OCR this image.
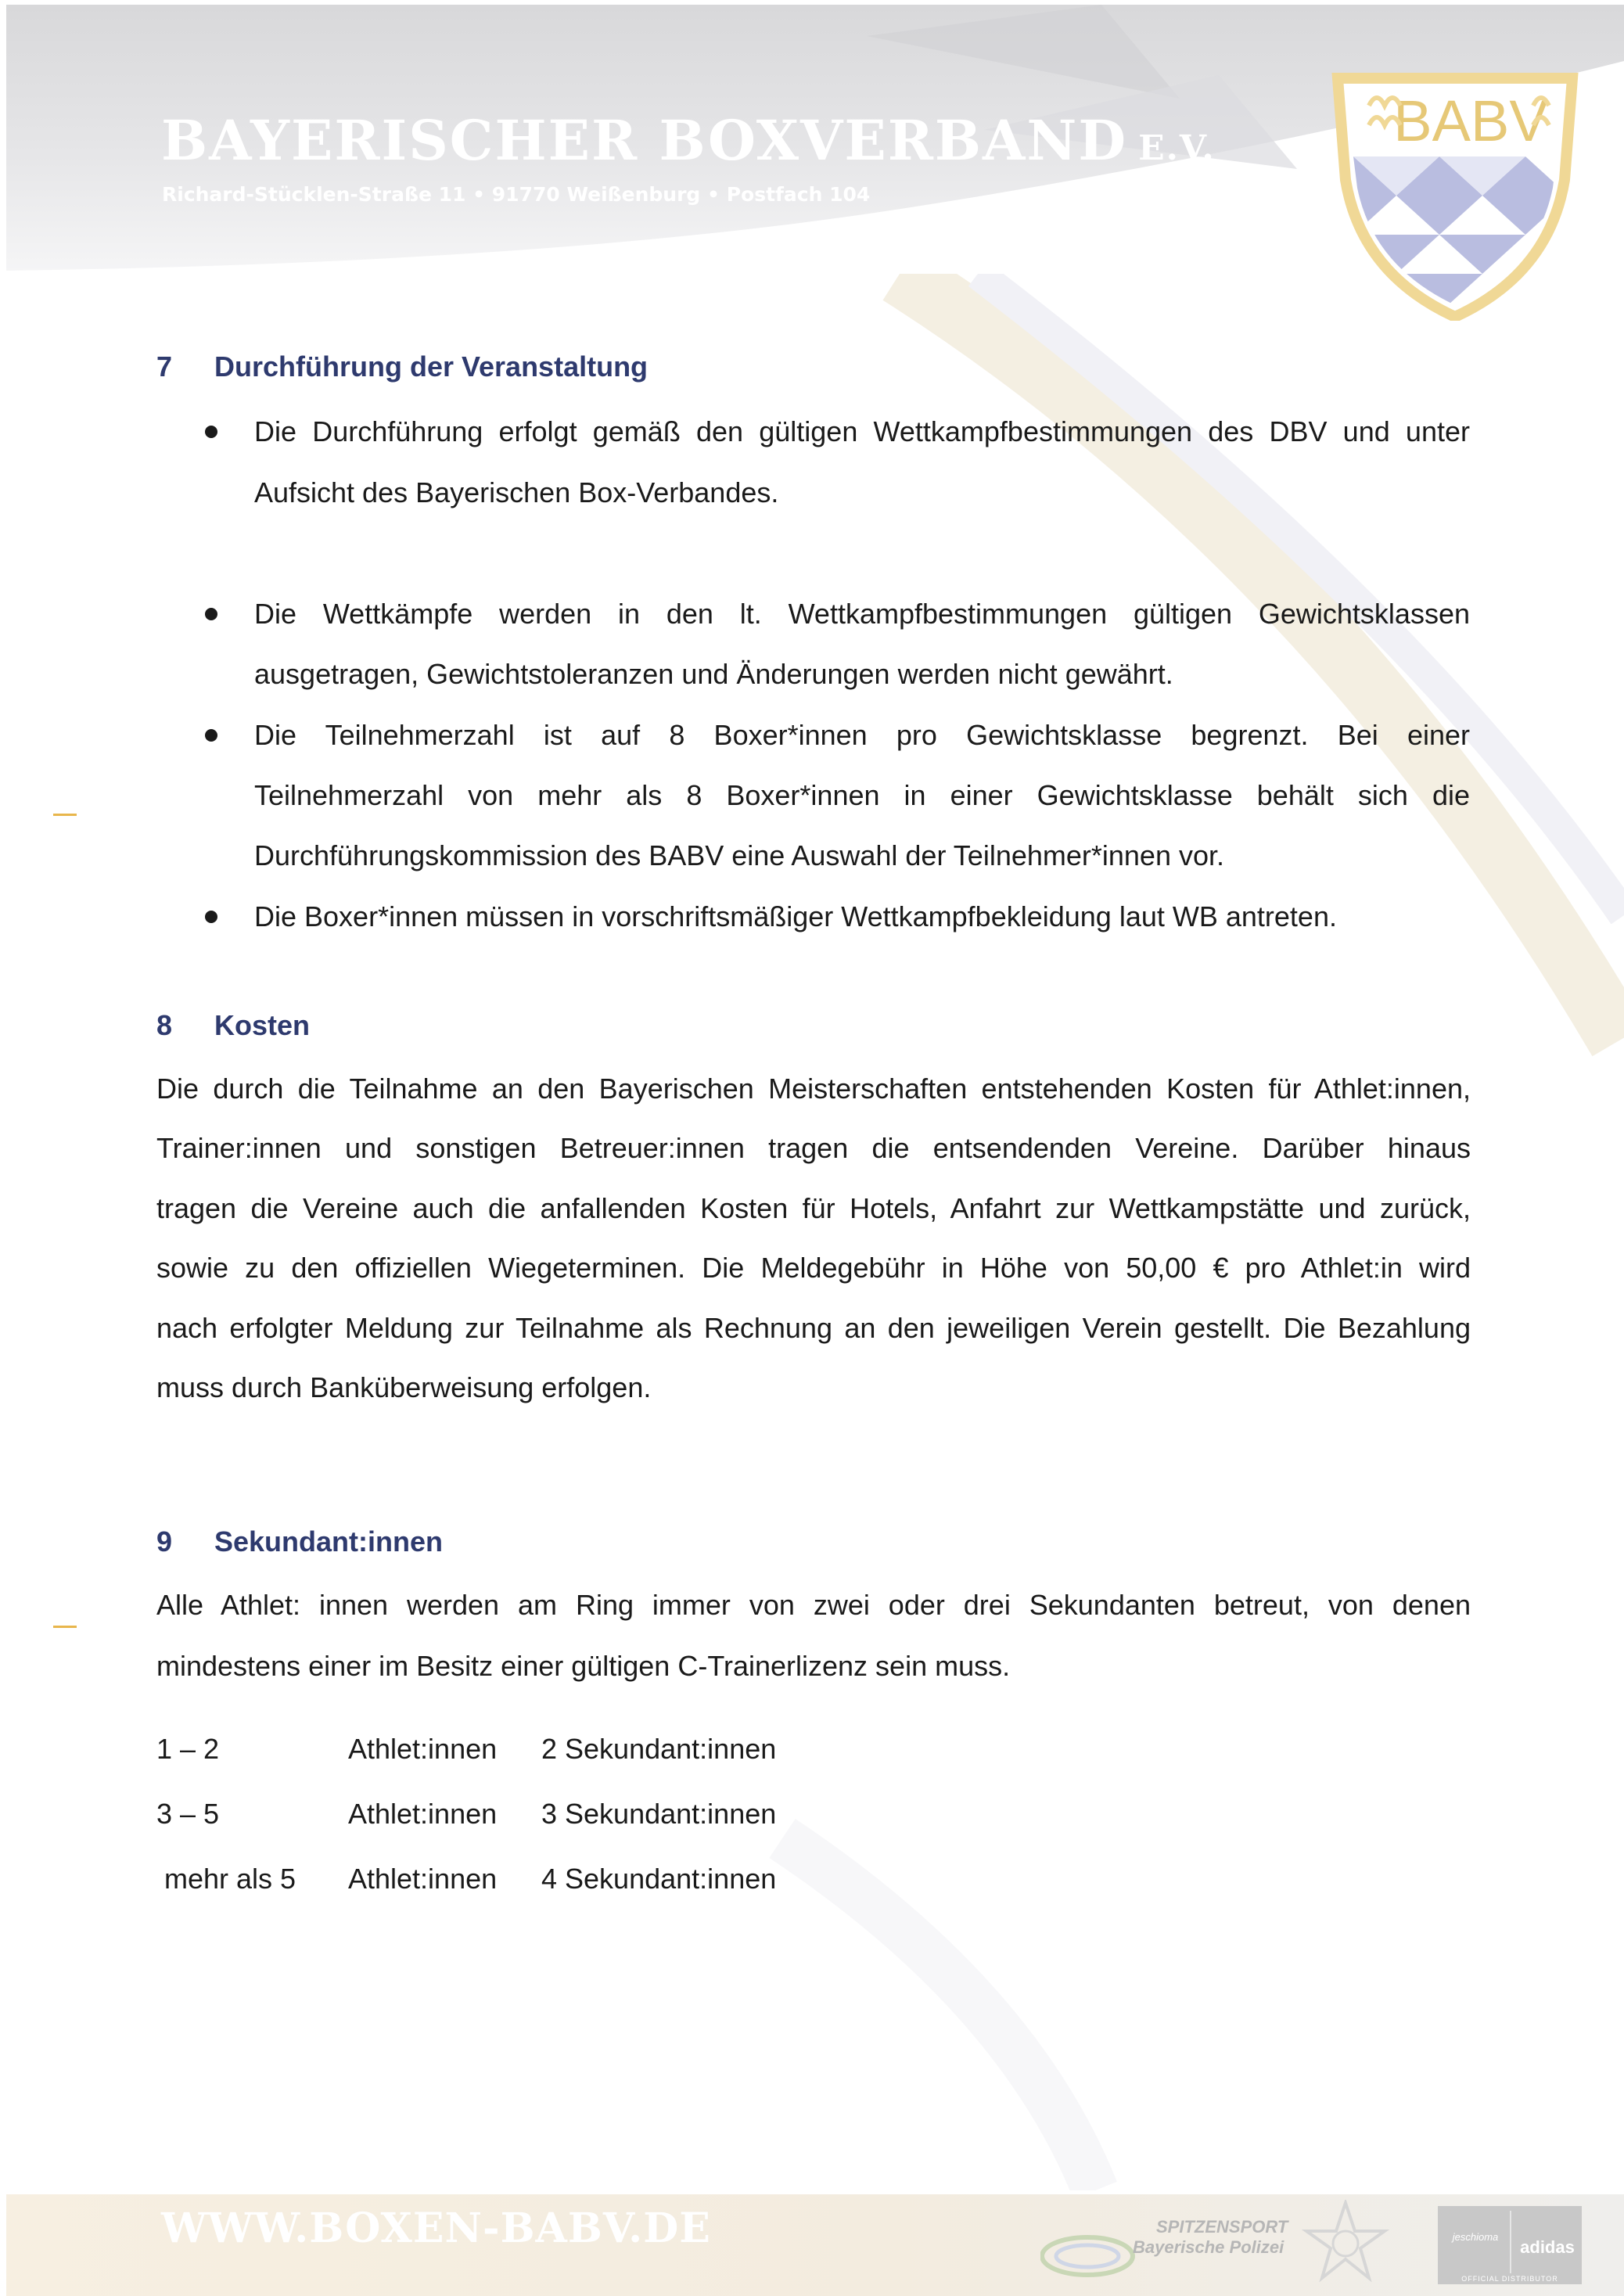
BAYERISCHER BOXVERBAND E.V.
Richard-Stücklen-Straße 11 • 91770 Weißenburg • Postfach 104
BABV
7 Durchführung der Veranstaltung
Die Durchführung erfolgt gemäß den gültigen Wettkampfbestimmungen des DBV und unter
Aufsicht des Bayerischen Box-Verbandes.
Die Wettkämpfe werden in den lt. Wettkampfbestimmungen gültigen Gewichtsklassen
ausgetragen, Gewichtstoleranzen und Änderungen werden nicht gewährt.
Die Teilnehmerzahl ist auf 8 Boxer*innen pro Gewichtsklasse begrenzt. Bei einer
Teilnehmerzahl von mehr als 8 Boxer*innen in einer Gewichtsklasse behält sich die
Durchführungskommission des BABV eine Auswahl der Teilnehmer*innen vor.
Die Boxer*innen müssen in vorschriftsmäßiger Wettkampfbekleidung laut WB antreten.
8 Kosten
Die durch die Teilnahme an den Bayerischen Meisterschaften entstehenden Kosten für Athlet:innen,
Trainer:innen und sonstigen Betreuer:innen tragen die entsendenden Vereine. Darüber hinaus
tragen die Vereine auch die anfallenden Kosten für Hotels, Anfahrt zur Wettkampstätte und zurück,
sowie zu den offiziellen Wiegeterminen. Die Meldegebühr in Höhe von 50,00 € pro Athlet:in wird
nach erfolgter Meldung zur Teilnahme als Rechnung an den jeweiligen Verein gestellt. Die Bezahlung
muss durch Banküberweisung erfolgen.
9 Sekundant:innen
Alle Athlet: innen werden am Ring immer von zwei oder drei Sekundanten betreut, von denen
mindestens einer im Besitz einer gültigen C-Trainerlizenz sein muss.
1 – 2	Athlet:innen 2 Sekundant:innen
3 – 5	Athlet:innen 3 Sekundant:innen
mehr als 5 Athlet:innen 4 Sekundant:innen
WWW.BOXEN-BABV.DE	SPITZENSPORT
Bayerische Polizei
jeschioma
adidas
OFFICIAL DISTRIBUTOR
